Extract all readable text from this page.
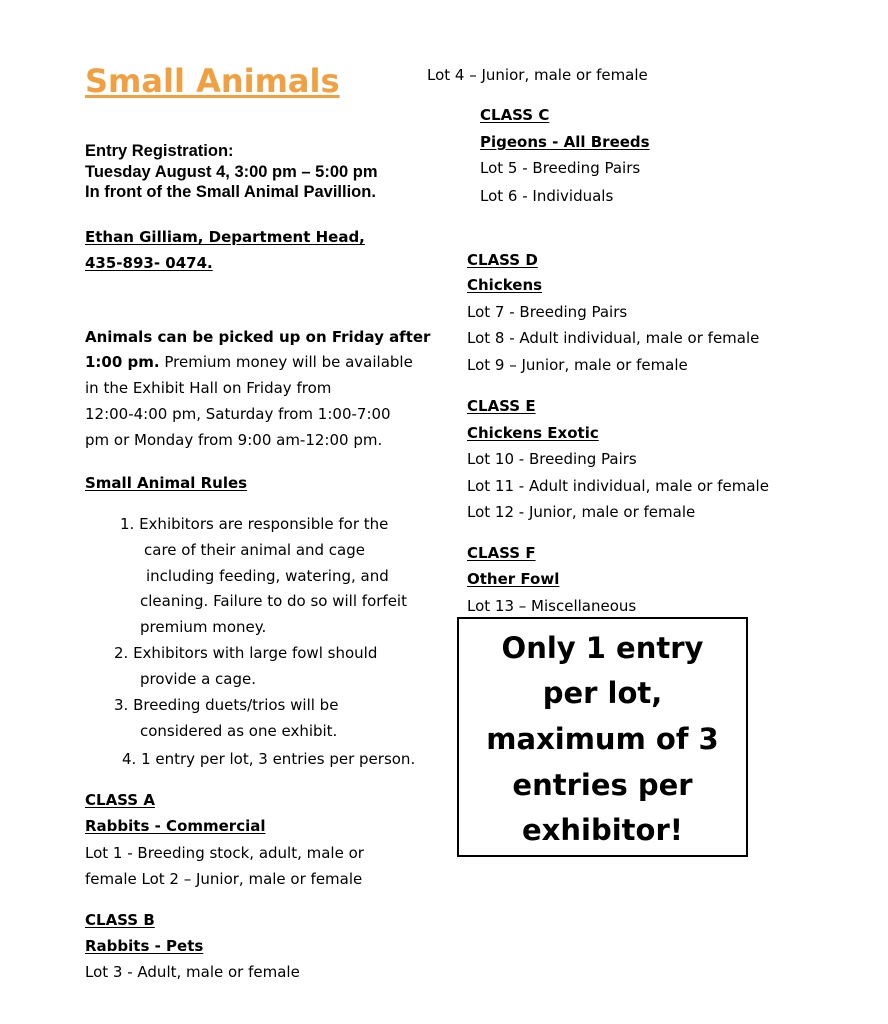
Small Animals
Entry Registration:
Tuesday August 4, 3:00 pm – 5:00 pm
In front of the Small Animal Pavillion.
Ethan Gilliam, Department Head,
435-893- 0474.
Animals can be picked up on Friday after
1:00 pm. Premium money will be available
in the Exhibit Hall on Friday from
12:00-4:00 pm, Saturday from 1:00-7:00
pm or Monday from 9:00 am-12:00 pm.
Small Animal Rules
1. Exhibitors are responsible for the
care of their animal and cage
including feeding, watering, and
cleaning. Failure to do so will forfeit
premium money.
2. Exhibitors with large fowl should
provide a cage.
3. Breeding duets/trios will be
considered as one exhibit.
4. 1 entry per lot, 3 entries per person.
CLASS A
Rabbits - Commercial
Lot 1 - Breeding stock, adult, male or
female Lot 2 – Junior, male or female
CLASS B
Rabbits - Pets
Lot 3 - Adult, male or female
Lot 4 – Junior, male or female
CLASS C
Pigeons - All Breeds
Lot 5 - Breeding Pairs
Lot 6 - Individuals
CLASS D
Chickens
Lot 7 - Breeding Pairs
Lot 8 - Adult individual, male or female
Lot 9 – Junior, male or female
CLASS E
Chickens Exotic
Lot 10 - Breeding Pairs
Lot 11 - Adult individual, male or female
Lot 12 - Junior, male or female
CLASS F
Other Fowl
Lot 13 – Miscellaneous
Only 1 entry
per lot,
maximum of 3
entries per
exhibitor!
